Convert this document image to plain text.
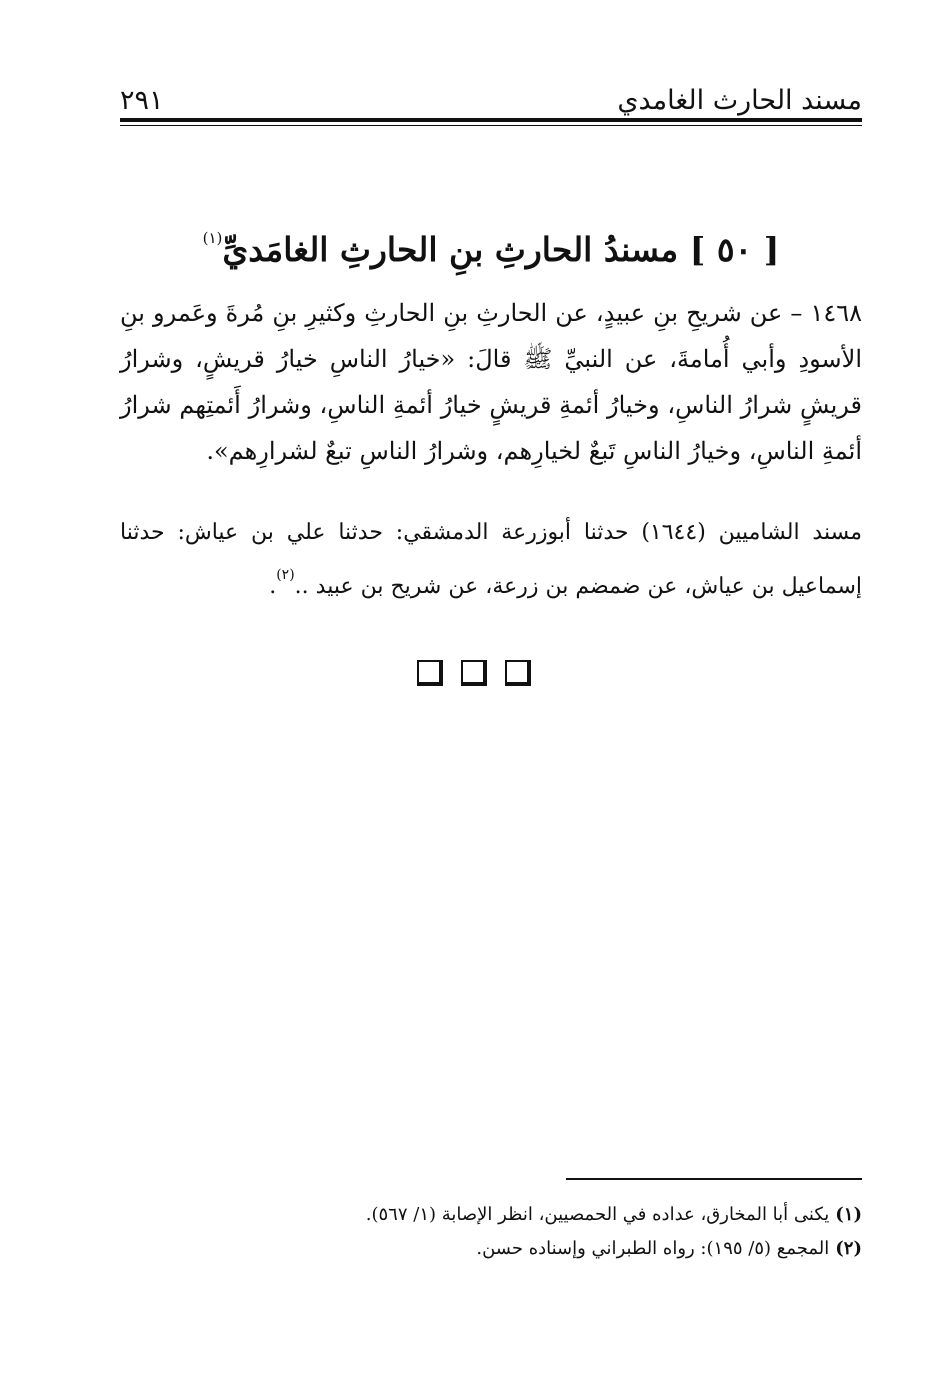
مسند الحارث الغامدي
٢٩١
[ ٥٠ ] مسندُ الحارثِ بنِ الحارثِ الغامَديِّ$^{(١)}$
١٤٦٨ – عن شريحِ بنِ عبيدٍ، عن الحارثِ بنِ الحارثِ وكثيرِ بنِ مُرةَ وعَمرو بنِ الأسودِ وأبي أُمامةَ، عن النبيِّ ﷺ قالَ: «خيارُ الناسِ خيارُ قريشٍ، وشرارُ قريشٍ شرارُ الناسِ، وخيارُ أئمةِ قريشٍ خيارُ أئمةِ الناسِ، وشرارُ أَئمتِهم شرارُ أئمةِ الناسِ، وخيارُ الناسِ تَبعٌ لخيارِهم، وشرارُ الناسِ تبعٌ لشرارِهم».
مسند الشاميين (١٦٤٤) حدثنا أبوزرعة الدمشقي: حدثنا علي بن عياش: حدثنا إسماعيل بن عياش، عن ضمضم بن زرعة، عن شريح بن عبيد ..$^{(٢)}$.
(١)يكنى أبا المخارق، عداده في الحمصيين، انظر الإصابة (١/ ٥٦٧).
(٢)المجمع (٥/ ١٩٥): رواه الطبراني وإسناده حسن.
